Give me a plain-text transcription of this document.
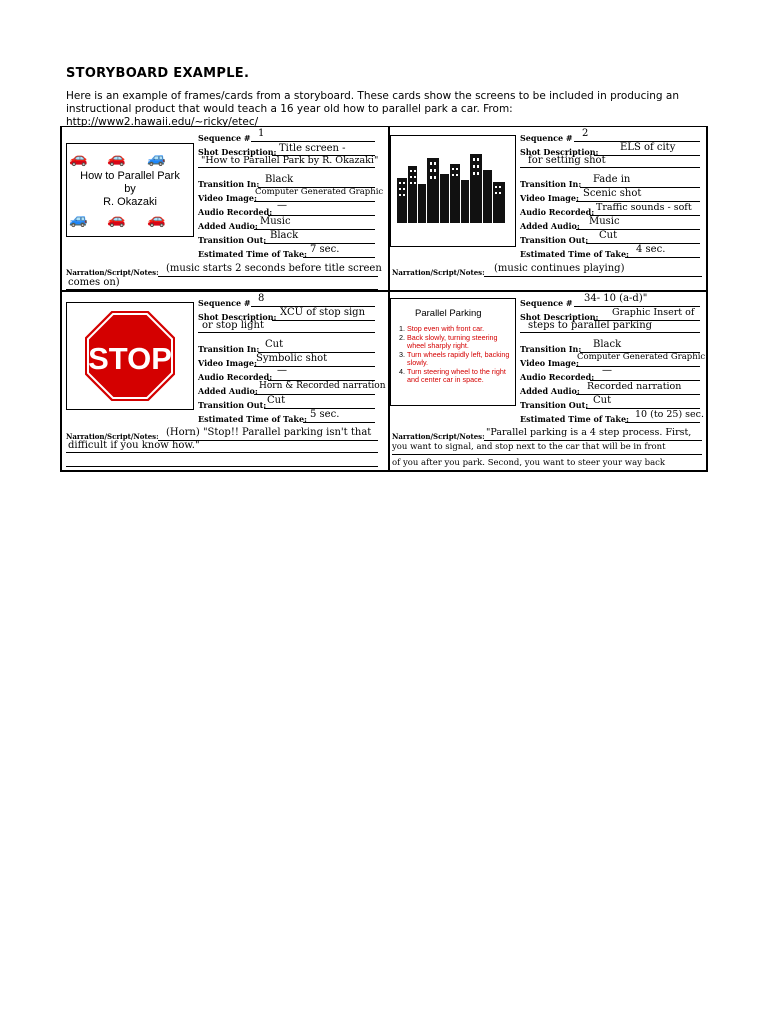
STORYBOARD EXAMPLE.
Here is an example of frames/cards from a storyboard. These cards show the screens to be included in producing an instructional product that would teach a 16 year old how to parallel park a car. From: http://www2.hawaii.edu/~ricky/etec/
🚗 🚗 🚙
How to Parallel Park
by
R. Okazaki
🚙 🚗 🚗
Sequence # 1
Shot Description: Title screen -
"How to Parallel Park by R. Okazaki"
Transition In: Black
Video Image:
Computer Generated Graphic
Audio Recorded:
—
Added Audio: Music
Transition Out: Black
Estimated Time of Take: 7 sec.
Narration/Script/Notes: (music starts 2 seconds before title screen
comes on)
Sequence # 2
Shot Description: ELS of city
for setting shot
Transition In: Fade in
Video Image: Scenic shot
Audio Recorded: Traffic sounds - soft
Added Audio: Music
Transition Out: Cut
Estimated Time of Take: 4 sec.
Narration/Script/Notes: (music continues playing)
STOP
Sequence # 8
Shot Description: XCU of stop sign
or stop light
Transition In: Cut
Video Image: Symbolic shot
Audio Recorded:
—
Added Audio: Horn & Recorded narration
Transition Out: Cut
Estimated Time of Take: 5 sec.
Narration/Script/Notes: (Horn) "Stop!! Parallel parking isn't that
difficult if you know how."
Parallel Parking
1. Stop even with front car.
2. Back slowly, turning steering wheel sharply right.
3. Turn wheels rapidly left, backing slowly.
4. Turn steering wheel to the right and center car in space.
Sequence # 34- 10 (a-d)"
Shot Description: Graphic Insert of
steps to parallel parking
Transition In: Black
Video Image:
Computer Generated Graphic
Audio Recorded:
—
Added Audio: Recorded narration
Transition Out: Cut
Estimated Time of Take: 10 (to 25) sec.
Narration/Script/Notes: "Parallel parking is a 4 step process. First,
you want to signal, and stop next to the car that will be in front
of you after you park. Second, you want to steer your way back
